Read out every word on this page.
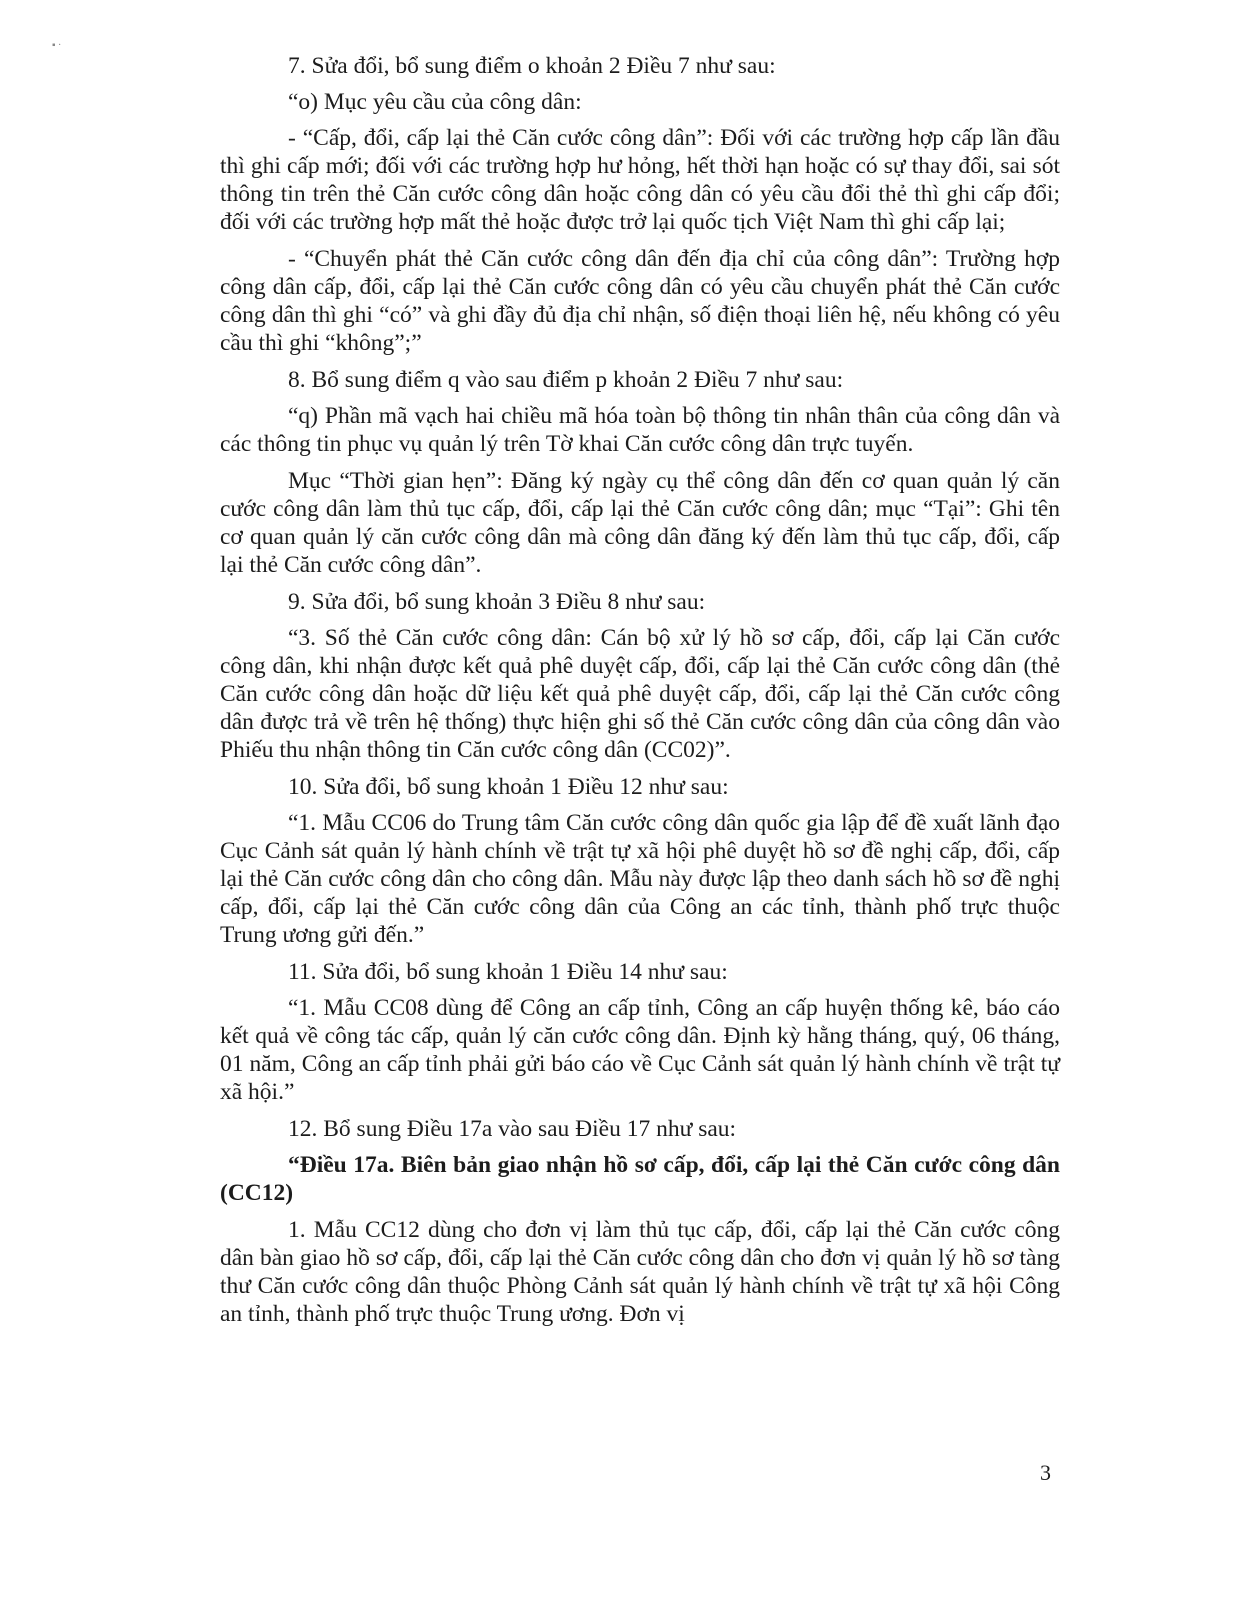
▪ ·

7. Sửa đổi, bổ sung điểm o khoản 2 Điều 7 như sau:

“o) Mục yêu cầu của công dân:

- “Cấp, đổi, cấp lại thẻ Căn cước công dân”: Đối với các trường hợp cấp lần đầu thì ghi cấp mới; đối với các trường hợp hư hỏng, hết thời hạn hoặc có sự thay đổi, sai sót thông tin trên thẻ Căn cước công dân hoặc công dân có yêu cầu đổi thẻ thì ghi cấp đổi; đối với các trường hợp mất thẻ hoặc được trở lại quốc tịch Việt Nam thì ghi cấp lại;

- “Chuyển phát thẻ Căn cước công dân đến địa chỉ của công dân”: Trường hợp công dân cấp, đổi, cấp lại thẻ Căn cước công dân có yêu cầu chuyển phát thẻ Căn cước công dân thì ghi “có” và ghi đầy đủ địa chỉ nhận, số điện thoại liên hệ, nếu không có yêu cầu thì ghi “không”;”

8. Bổ sung điểm q vào sau điểm p khoản 2 Điều 7 như sau:

“q) Phần mã vạch hai chiều mã hóa toàn bộ thông tin nhân thân của công dân và các thông tin phục vụ quản lý trên Tờ khai Căn cước công dân trực tuyến.

Mục “Thời gian hẹn”: Đăng ký ngày cụ thể công dân đến cơ quan quản lý căn cước công dân làm thủ tục cấp, đổi, cấp lại thẻ Căn cước công dân; mục “Tại”: Ghi tên cơ quan quản lý căn cước công dân mà công dân đăng ký đến làm thủ tục cấp, đổi, cấp lại thẻ Căn cước công dân”.

9. Sửa đổi, bổ sung khoản 3 Điều 8 như sau:

“3. Số thẻ Căn cước công dân: Cán bộ xử lý hồ sơ cấp, đổi, cấp lại Căn cước công dân, khi nhận được kết quả phê duyệt cấp, đổi, cấp lại thẻ Căn cước công dân (thẻ Căn cước công dân hoặc dữ liệu kết quả phê duyệt cấp, đổi, cấp lại thẻ Căn cước công dân được trả về trên hệ thống) thực hiện ghi số thẻ Căn cước công dân của công dân vào Phiếu thu nhận thông tin Căn cước công dân (CC02)”.

10. Sửa đổi, bổ sung khoản 1 Điều 12 như sau:

“1. Mẫu CC06 do Trung tâm Căn cước công dân quốc gia lập để đề xuất lãnh đạo Cục Cảnh sát quản lý hành chính về trật tự xã hội phê duyệt hồ sơ đề nghị cấp, đổi, cấp lại thẻ Căn cước công dân cho công dân. Mẫu này được lập theo danh sách hồ sơ đề nghị cấp, đổi, cấp lại thẻ Căn cước công dân của Công an các tỉnh, thành phố trực thuộc Trung ương gửi đến.”

11. Sửa đổi, bổ sung khoản 1 Điều 14 như sau:

“1. Mẫu CC08 dùng để Công an cấp tỉnh, Công an cấp huyện thống kê, báo cáo kết quả về công tác cấp, quản lý căn cước công dân. Định kỳ hằng tháng, quý, 06 tháng, 01 năm, Công an cấp tỉnh phải gửi báo cáo về Cục Cảnh sát quản lý hành chính về trật tự xã hội.”

12. Bổ sung Điều 17a vào sau Điều 17 như sau:

“Điều 17a. Biên bản giao nhận hồ sơ cấp, đổi, cấp lại thẻ Căn cước công dân (CC12)

1. Mẫu CC12 dùng cho đơn vị làm thủ tục cấp, đổi, cấp lại thẻ Căn cước công dân bàn giao hồ sơ cấp, đổi, cấp lại thẻ Căn cước công dân cho đơn vị quản lý hồ sơ tàng thư Căn cước công dân thuộc Phòng Cảnh sát quản lý hành chính về trật tự xã hội Công an tỉnh, thành phố trực thuộc Trung ương. Đơn vị

3
